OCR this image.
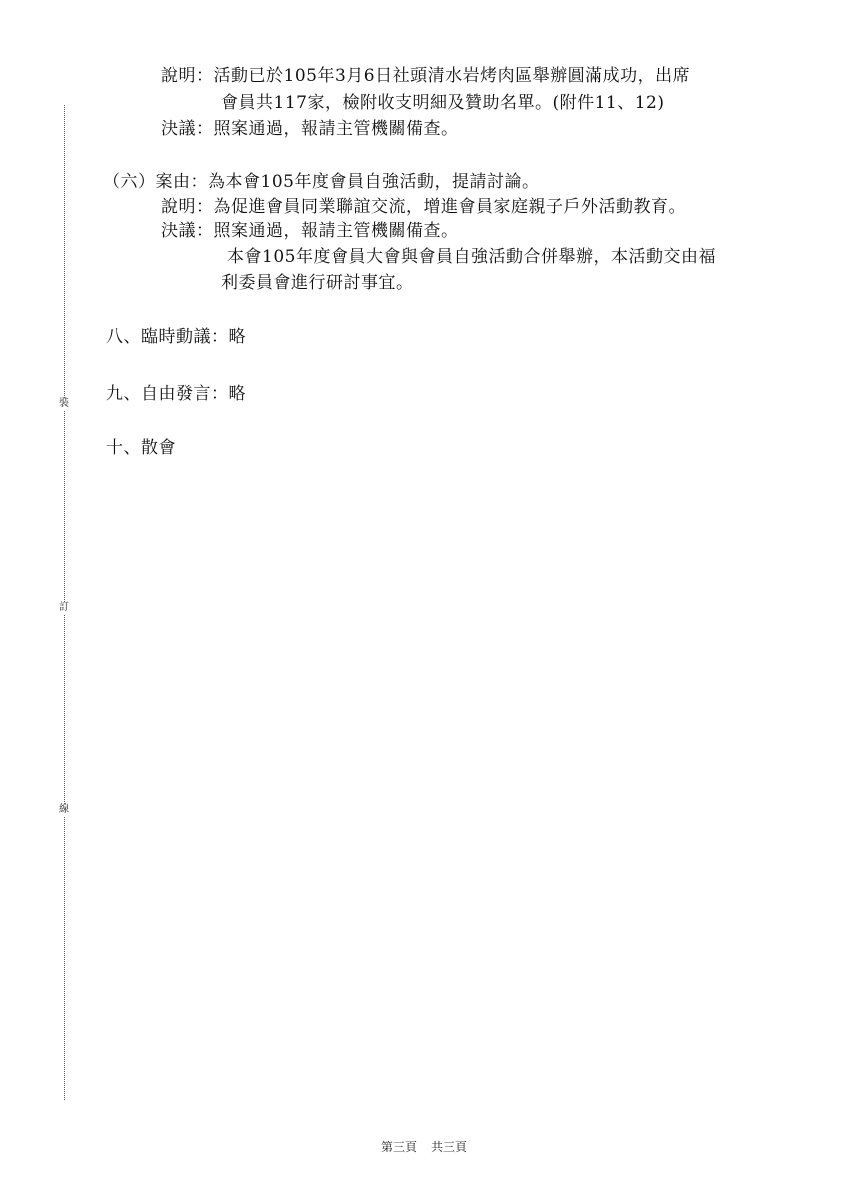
裝
訂
線
說明：活動已於105年3月6日社頭清水岩烤肉區舉辦圓滿成功，出席
會員共117家，檢附收支明細及贊助名單。(附件11、12)
決議：照案通過，報請主管機關備查。
（六）案由：為本會105年度會員自強活動，提請討論。
說明：為促進會員同業聯誼交流，增進會員家庭親子戶外活動教育。
決議：照案通過，報請主管機關備查。
本會105年度會員大會與會員自強活動合併舉辦，本活動交由福
利委員會進行研討事宜。
八、臨時動議：略
九、自由發言：略
十、散會
第三頁 共三頁
